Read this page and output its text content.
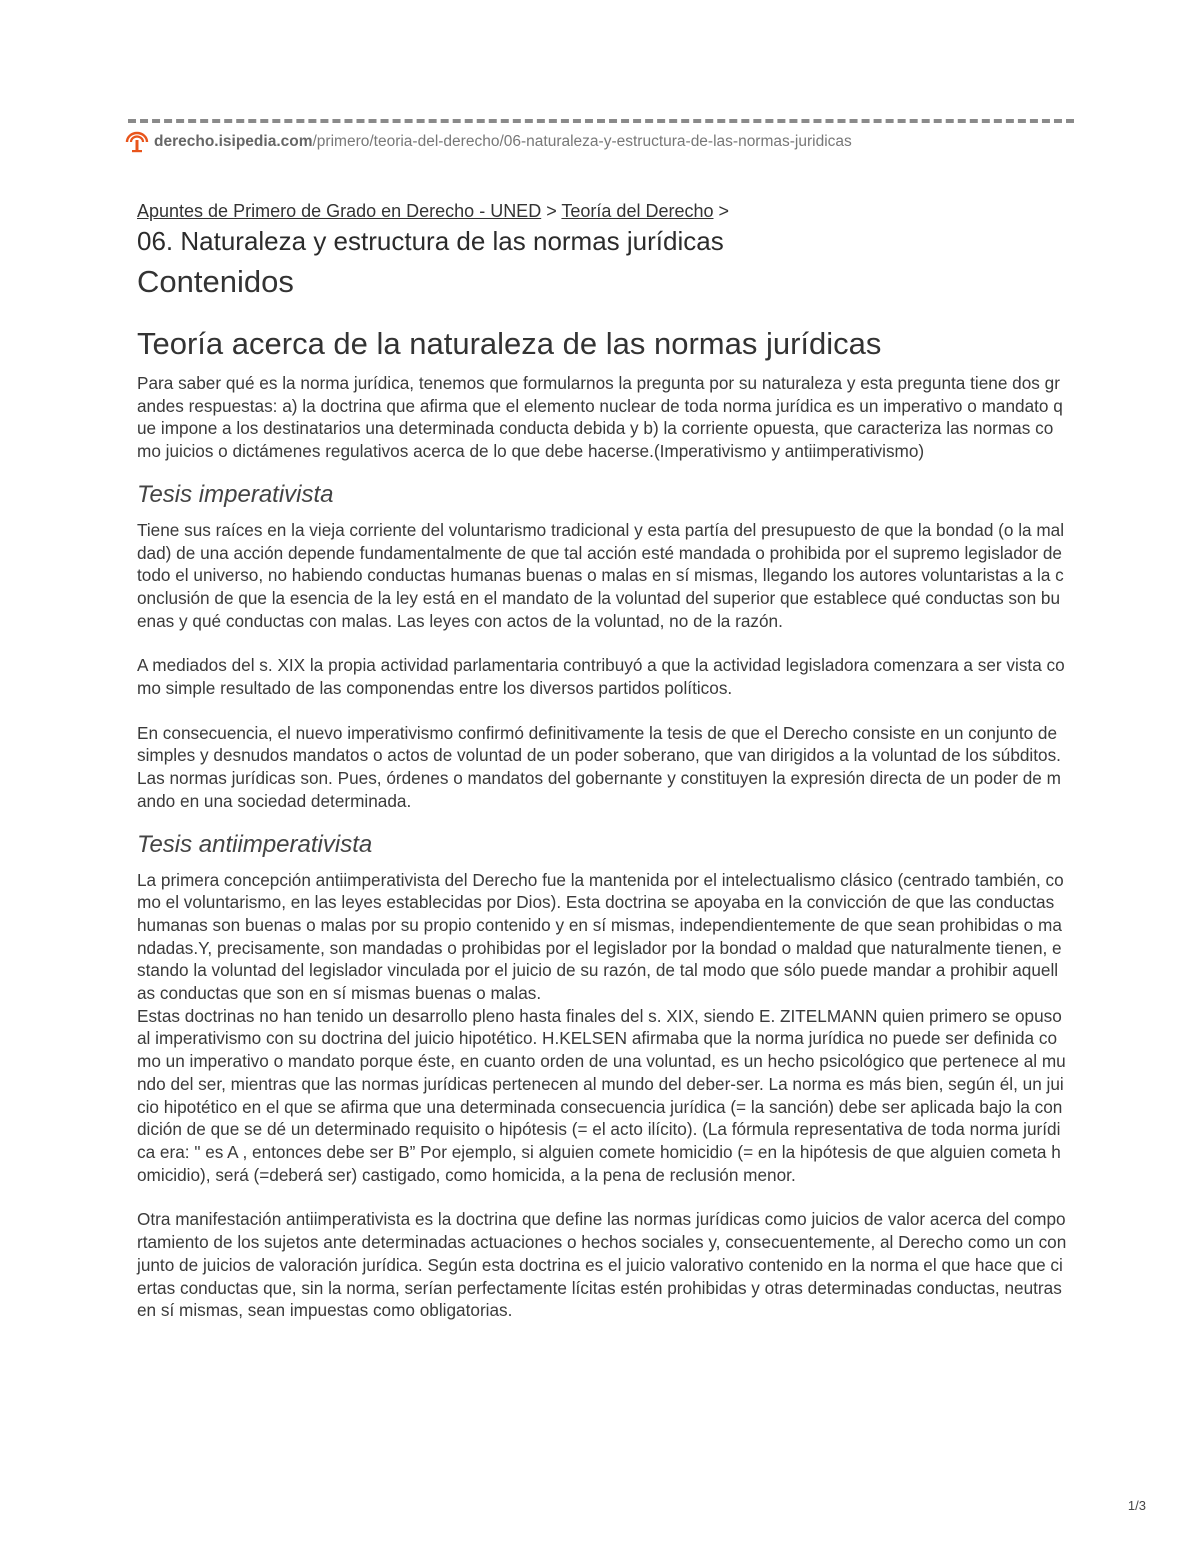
derecho.isipedia.com /primero/teoria-del-derecho/06-naturaleza-y-estructura-de-las-normas-juridicas
Apuntes de Primero de Grado en Derecho - UNED > Teoría del Derecho >
06. Naturaleza y estructura de las normas jurídicas
Contenidos
Teoría acerca de la naturaleza de las normas jurídicas

Para saber qué es la norma jurídica, tenemos que formularnos la pregunta por su naturaleza y esta pregunta tiene dos grandes respuestas: a) la doctrina que afirma que el elemento nuclear de toda norma jurídica es un imperativo o mandato que impone a los destinatarios una determinada conducta debida y b) la corriente opuesta, que caracteriza las normas como juicios o dictámenes regulativos acerca de lo que debe hacerse.(Imperativismo y antiimperativismo)

Tesis imperativista

Tiene sus raíces en la vieja corriente del voluntarismo tradicional y esta partía del presupuesto de que la bondad (o la maldad) de una acción depende fundamentalmente de que tal acción esté mandada o prohibida por el supremo legislador de todo el universo, no habiendo conductas humanas buenas o malas en sí mismas, llegando los autores voluntaristas a la conclusión de que la esencia de la ley está en el mandato de la voluntad del superior que establece qué conductas son buenas y qué conductas con malas. Las leyes con actos de la voluntad, no de la razón.

A mediados del s. XIX la propia actividad parlamentaria contribuyó a que la actividad legisladora comenzara a ser vista como simple resultado de las componendas entre los diversos partidos políticos.

En consecuencia, el nuevo imperativismo confirmó definitivamente la tesis de que el Derecho consiste en un conjunto de simples y desnudos mandatos o actos de voluntad de un poder soberano, que van dirigidos a la voluntad de los súbditos. Las normas jurídicas son. Pues, órdenes o mandatos del gobernante y constituyen la expresión directa de un poder de mando en una sociedad determinada.

Tesis antiimperativista

La primera concepción antiimperativista del Derecho fue la mantenida por el intelectualismo clásico (centrado también, como el voluntarismo, en las leyes establecidas por Dios). Esta doctrina se apoyaba en la convicción de que las conductas humanas son buenas o malas por su propio contenido y en sí mismas, independientemente de que sean prohibidas o mandadas.Y, precisamente, son mandadas o prohibidas por el legislador por la bondad o maldad que naturalmente tienen, estando la voluntad del legislador vinculada por el juicio de su razón, de tal modo que sólo puede mandar a prohibir aquellas conductas que son en sí mismas buenas o malas.

Estas doctrinas no han tenido un desarrollo pleno hasta finales del s. XIX, siendo E. ZITELMANN quien primero se opuso al imperativismo con su doctrina del juicio hipotético. H.KELSEN afirmaba que la norma jurídica no puede ser definida como un imperativo o mandato porque éste, en cuanto orden de una voluntad, es un hecho psicológico que pertenece al mundo del ser, mientras que las normas jurídicas pertenecen al mundo del deber-ser. La norma es más bien, según él, un juicio hipotético en el que se afirma que una determinada consecuencia jurídica (= la sanción) debe ser aplicada bajo la condición de que se dé un determinado requisito o hipótesis (= el acto ilícito). (La fórmula representativa de toda norma jurídica era: " es A , entonces debe ser B” Por ejemplo, si alguien comete homicidio (= en la hipótesis de que alguien cometa homicidio), será (=deberá ser) castigado, como homicida, a la pena de reclusión menor.

Otra manifestación antiimperativista es la doctrina que define las normas jurídicas como juicios de valor acerca del comportamiento de los sujetos ante determinadas actuaciones o hechos sociales y, consecuentemente, al Derecho como un conjunto de juicios de valoración jurídica. Según esta doctrina es el juicio valorativo contenido en la norma el que hace que ciertas conductas que, sin la norma, serían perfectamente lícitas estén prohibidas y otras determinadas conductas, neutras en sí mismas, sean impuestas como obligatorias.

1/3
